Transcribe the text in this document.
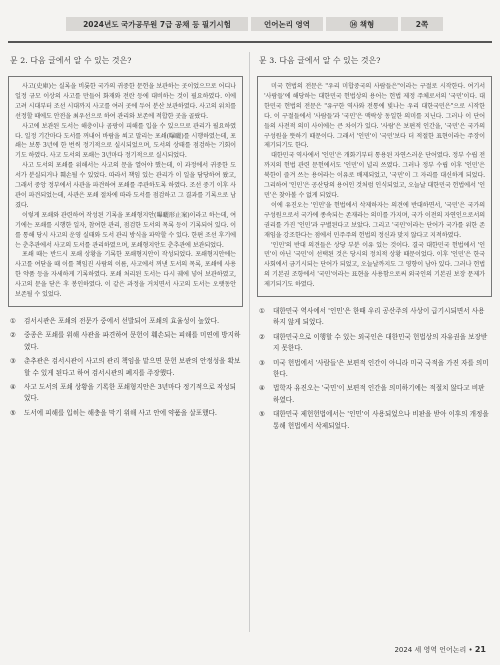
2024년도 국가공무원 7급 공채 등 필기시험	언어논리 영역	⑭ 책형	2쪽
문 2. 다음 글에서 알 수 있는 것은?

사고(史庫)는 실록을 비롯한 국가의 귀중한 문헌을 보관하는 곳이었으므로 어디나 일정 규모 이상의 사고를 만들어 화재와 전란 등에 대비하는 것이 필요하였다. 이에 고려 시대부터 조선 시대까지 사고를 여러 곳에 두어 분산 보관하였다. 사고의 위치를 선정할 때에도 안전을 최우선으로 하여 관리와 보존에 적합한 곳을 골랐다.

사고에 보관된 도서는 해충이나 곰팡이 피해를 입을 수 있으므로 관리가 필요하였다. 일정 기간마다 도서를 꺼내어 바람을 쐬고 말리는 포쇄(曝曬)를 시행하였는데, 포쇄는 보통 3년에 한 번씩 정기적으로 실시되었으며, 도서의 상태를 점검하는 기회이기도 하였다. 사고 도서의 포쇄는 3년마다 정기적으로 실시되었다.

사고 도서의 포쇄를 위해서는 사고의 문을 열어야 했는데, 이 과정에서 귀중한 도서가 분실되거나 훼손될 수 있었다. 따라서 책임 있는 관리가 이 일을 담당하여 왔고, 그래서 중앙 정부에서 사관을 파견하여 포쇄를 주관하도록 하였다. 조선 중기 이후 사관이 파견되었는데, 사관은 포쇄 절차에 따라 도서를 점검하고 그 결과를 기록으로 남겼다.

이렇게 포쇄와 관련하여 작성된 기록을 포쇄형지안(曝曬形止案)이라고 하는데, 여기에는 포쇄를 시행한 일자, 참여한 관리, 점검한 도서의 목록 등이 기록되어 있다. 이를 통해 당시 사고의 운영 실태와 도서 관리 방식을 파악할 수 있다. 한편 조선 후기에는 춘추관에서 사고의 도서를 관리하였으며, 포쇄형지안도 춘추관에 보관되었다.

포쇄 때는 반드시 포쇄 상황을 기록한 포쇄형지안이 작성되었다. 포쇄형지안에는 사고를 여닫을 때 이를 책임진 사람의 이름, 사고에서 꺼낸 도서의 목록, 포쇄에 사용한 약품 등을 자세하게 기록하였다. 포쇄 처리된 도서는 다시 궤에 넣어 보관하였고, 사고의 문을 닫은 후 봉인하였다. 이 같은 과정을 거치면서 사고의 도서는 오랫동안 보존될 수 있었다.

①	검서시관은 포쇄의 전문가 중에서 선발되어 포쇄의 효율성이 높았다.
②	중종은 포쇄를 위해 사관을 파견하여 문헌이 훼손되는 피해를 미연에 방지하였다.
③	춘추관은 검서시관이 사고의 관리 책임을 맡으면 문헌 보관의 안정성을 확보할 수 있게 된다고 하여 검서시관의 폐지를 주장했다.
④	사고 도서의 포쇄 상황을 기록한 포쇄형지안은 3년마다 정기적으로 작성되었다.
⑤	도서에 피해를 입히는 해충을 막기 위해 사고 안에 약품을 살포했다.
문 3. 다음 글에서 알 수 있는 것은?

미국 헌법의 전문은 "우리 미합중국의 사람들은"이라는 구절로 시작한다. 여기서 '사람들'에 해당하는 대한민국 헌법상의 용어는 헌법 제정 주체로서의 '국민'이다. 대한민국 헌법의 전문은 "유구한 역사와 전통에 빛나는 우리 대한국민은"으로 시작한다. 이 구절들에서 '사람들'과 '국민'은 맥락상 동일한 의미를 지닌다. 그러나 이 단어들의 사전적 의미 사이에는 큰 차이가 있다. '사람'은 보편적 인간을, '국민'은 국가의 구성원을 뜻하기 때문이다. 그래서 '인민'이 '국민'보다 더 적절한 표현이라는 주장이 제기되기도 한다.

대한민국 역사에서 '인민'은 개화기부터 통용된 자연스러운 단어였다. 정부 수립 전까지의 헌법 관련 문헌에서도 '인민'이 널리 쓰였다. 그러나 정부 수립 이후 '인민'은 북한이 즐겨 쓰는 용어라는 이유로 배제되었고, '국민'이 그 자리를 대신하게 되었다. 그리하여 '인민'은 공산당의 용어인 것처럼 인식되었고, 오늘날 대한민국 헌법에서 '인민'은 찾아볼 수 없게 되었다.

이에 유진오는 '인민'을 헌법에서 삭제하자는 의견에 반대하면서, '국민'은 국가의 구성원으로서 국가에 종속되는 존재라는 의미를 가지며, 국가 이전의 자연인으로서의 권리를 가진 '인민'과 구별된다고 보았다. 그리고 '국민'이라는 단어가 국가를 위한 존재임을 강조한다는 점에서 민주주의 헌법의 정신과 맞지 않다고 지적하였다.

'인민'의 반대 의견들은 상당 부분 이유 있는 것이다. 결국 대한민국 헌법에서 '인민'이 아닌 '국민'이 선택된 것은 당시의 정치적 상황 때문이었다. 이후 '인민'은 한국 사회에서 금기시되는 단어가 되었고, 오늘날까지도 그 영향이 남아 있다. 그러나 헌법의 기본권 조항에서 '국민'이라는 표현을 사용함으로써 외국인의 기본권 보장 문제가 제기되기도 하였다.

①	대한민국 역사에서 '인민'은 한때 우리 공산주의 사상이 급기시되면서 사용하지 않게 되었다.
②	대한민국으로 이행할 수 있는 외국인은 대한민국 헌법상의 자유권을 보장받지 못한다.
③	미국 헌법에서 '사람들'은 보편적 인간이 아니라 미국 국적을 가진 자를 의미한다.
④	법학자 유진오는 '국민'이 보편적 인간을 의미하기에는 적절치 않다고 비판하였다.
⑤	대한민국 제헌헌법에서는 '인민'이 사용되었으나 비판을 받아 이후의 개정을 통해 헌법에서 삭제되었다.
2024 세 영역 언어논리 • 21
